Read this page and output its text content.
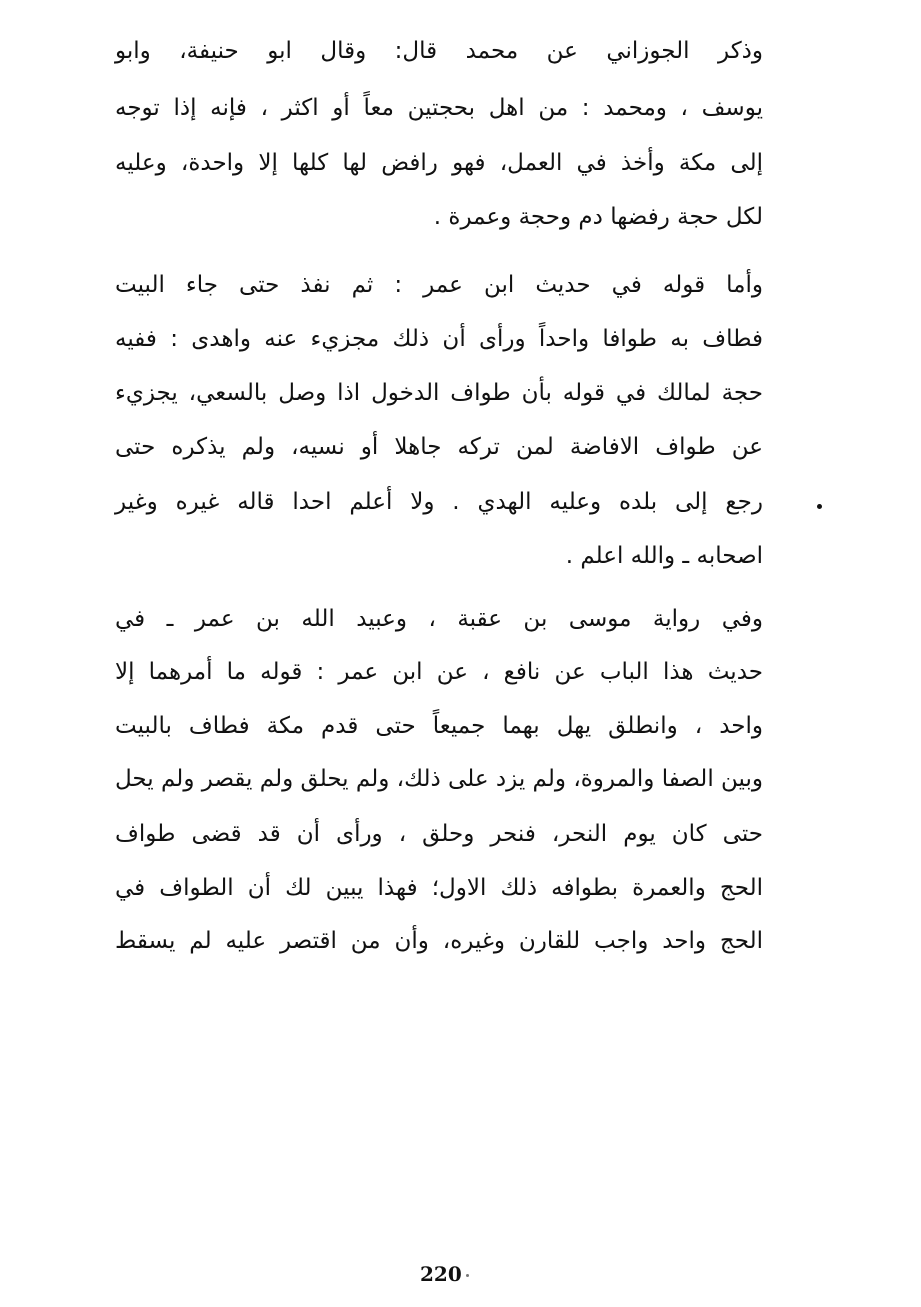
وذكر الجوزاني عن محمد قال: وقال ابو حنيفة، وابو
يوسف ، ومحمد : من اهل بحجتين معاً أو اكثر ، فإنه إذا توجه
إلى مكة وأخذ في العمل، فهو رافض لها كلها إلا واحدة، وعليه
لكل حجة رفضها دم وحجة وعمرة .
وأما قوله في حديث ابن عمر : ثم نفذ حتى جاء البيت
فطاف به طوافا واحداً ورأى أن ذلك مجزيء عنه واهدى : ففيه
حجة لمالك في قوله بأن طواف الدخول اذا وصل بالسعي، يجزيء
عن طواف الافاضة لمن تركه جاهلا أو نسيه، ولم يذكره حتى
رجع إلى بلده وعليه الهدي . ولا أعلم احدا قاله غيره وغير
اصحابه ـ والله اعلم .
وفي رواية موسى بن عقبة ، وعبيد الله بن عمر ـ في
حديث هذا الباب عن نافع ، عن ابن عمر : قوله ما أمرهما إلا
واحد ، وانطلق يهل بهما جميعاً حتى قدم مكة فطاف بالبيت
وبين الصفا والمروة، ولم يزد على ذلك، ولم يحلق ولم يقصر ولم يحل
حتى كان يوم النحر، فنحر وحلق ، ورأى أن قد قضى طواف
الحج والعمرة بطوافه ذلك الاول؛ فهذا يبين لك أن الطواف في
الحج واحد واجب للقارن وغيره، وأن من اقتصر عليه لم يسقط
220
